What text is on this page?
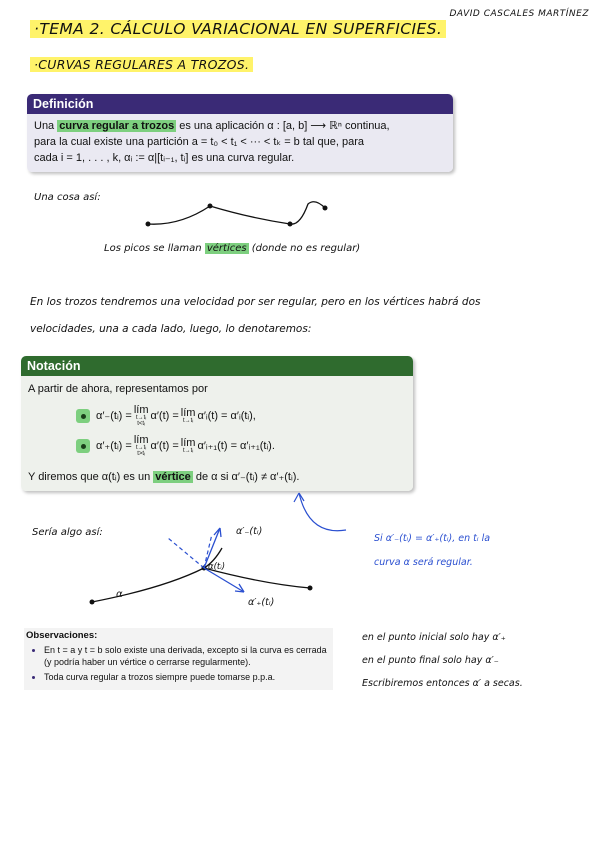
DAVID CASCALES MARTÍNEZ
·TEMA 2. CÁLCULO VARIACIONAL EN SUPERFICIES.
·CURVAS REGULARES A TROZOS.
Definición
Una curva regular a trozos es una aplicación α : [a, b] ⟶ ℝⁿ continua,
para la cual existe una partición a = t₀ < t₁ < ··· < tₖ = b tal que, para
cada i = 1, . . . , k, αᵢ := α|[tᵢ₋₁, tᵢ] es una curva regular.
Una cosa así:
Los picos se llaman vértices (donde no es regular)
En los trozos tendremos una velocidad por ser regular, pero en los vértices habrá dos
velocidades, una a cada lado, luego, lo denotaremos:
Notación
A partir de ahora, representamos por
α′₋(tᵢ) = lím
t→tᵢ
t<tᵢ
α′(t) = lím
t→tᵢ α′ᵢ(t) = α′ᵢ(tᵢ),
α′₊(tᵢ) = lím
t→tᵢ
t>tᵢ
α′(t) = lím
t→tᵢ α′ᵢ₊₁(t) = α′ᵢ₊₁(tᵢ).
Y diremos que α(tᵢ) es un vértice de α si α′₋(tᵢ) ≠ α′₊(tᵢ).
Sería algo así:
α
α(tᵢ)
α′₋(tᵢ)
α′₊(tᵢ)
Si α′₋(tᵢ) = α′₊(tᵢ), en tᵢ la
curva α será regular.
Observaciones:
• En t = a y t = b solo existe una derivada, excepto si la curva es cerrada (y podría haber un vértice o cerrarse regularmente).
• Toda curva regular a trozos siempre puede tomarse p.p.a.
en el punto inicial solo hay α′₊
en el punto final solo hay α′₋
Escribiremos entonces α′ a secas.
